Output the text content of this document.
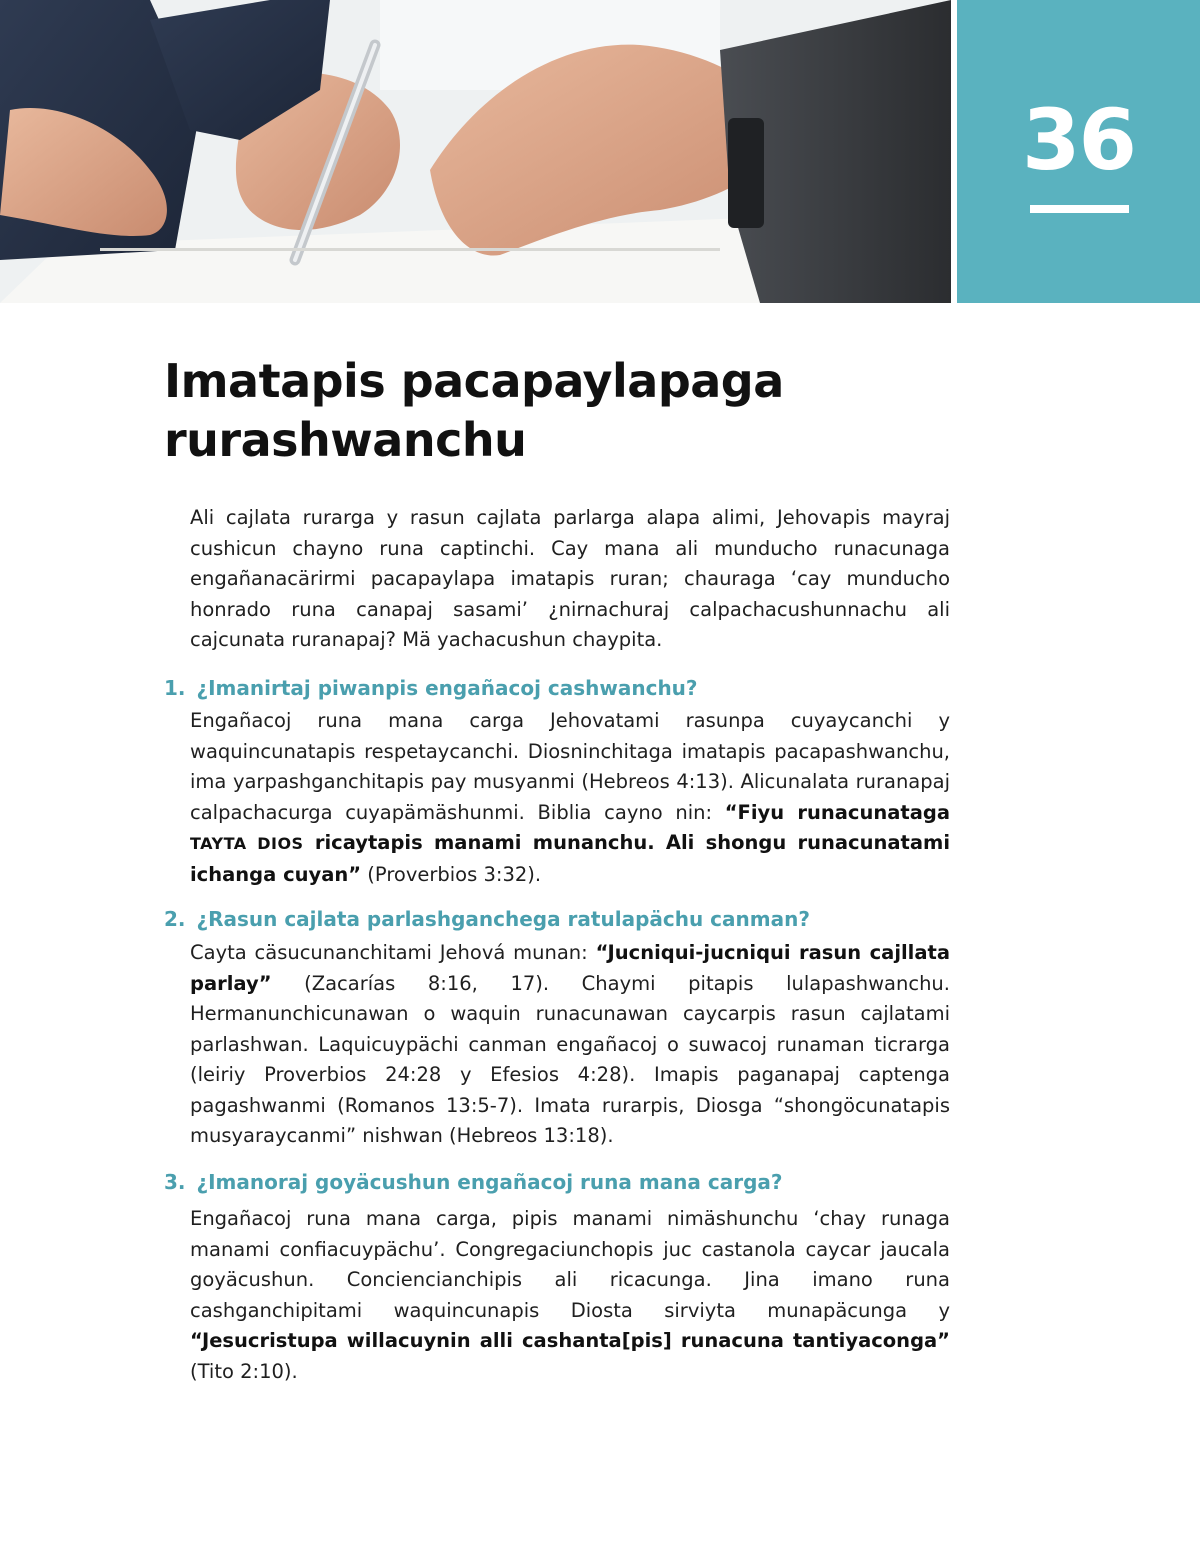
36
Imatapis pacapaylapaga
rurashwanchu

Ali cajlata rurarga y rasun cajlata parlarga alapa alimi, Jehovapis mayraj cushicun chayno runa captinchi. Cay mana ali munducho runacunaga engañanacärirmi pacapaylapa imatapis ruran; chauraga ‘cay munducho honrado runa canapaj sasami’ ¿nirnachuraj calpachacushunnachu ali cajcunata ruranapaj? Mä yachacushun chaypita.

1. ¿Imanirtaj piwanpis engañacoj cashwanchu?

Engañacoj runa mana carga Jehovatami rasunpa cuyaycanchi y waquincunatapis respetaycanchi. Diosninchitaga imatapis pacapashwanchu, ima yarpashganchitapis pay musyanmi (Hebreos 4:13). Alicunalata ruranapaj calpachacurga cuyapämäshunmi. Biblia cayno nin: “Fiyu runacunataga TAYTA DIOS ricaytapis manami munanchu. Ali shongu runacunatami ichanga cuyan” (Proverbios 3:32).

2. ¿Rasun cajlata parlashganchega ratulapächu canman?

Cayta cäsucunanchitami Jehová munan: “Jucniqui-jucniqui rasun cajllata parlay” (Zacarías 8:16, 17). Chaymi pitapis lulapashwanchu. Hermanunchicunawan o waquin runacunawan caycarpis rasun cajlatami parlashwan. Laquicuypächi canman engañacoj o suwacoj runaman ticrarga (leiriy Proverbios 24:28 y Efesios 4:28). Imapis paganapaj captenga pagashwanmi (Romanos 13:5-7). Imata rurarpis, Diosga “shongöcunatapis musyaraycanmi” nishwan (Hebreos 13:18).

3. ¿Imanoraj goyäcushun engañacoj runa mana carga?

Engañacoj runa mana carga, pipis manami nimäshunchu ‘chay runaga manami confiacuypächu’. Congregaciunchopis juc castanola caycar jaucala goyäcushun. Conciencianchipis ali ricacunga. Jina imano runa cashganchipitami waquincunapis Diosta sirviyta munapäcunga y “Jesucristupa willacuynin alli cashanta[pis] runacuna tantiyaconga” (Tito 2:10).
